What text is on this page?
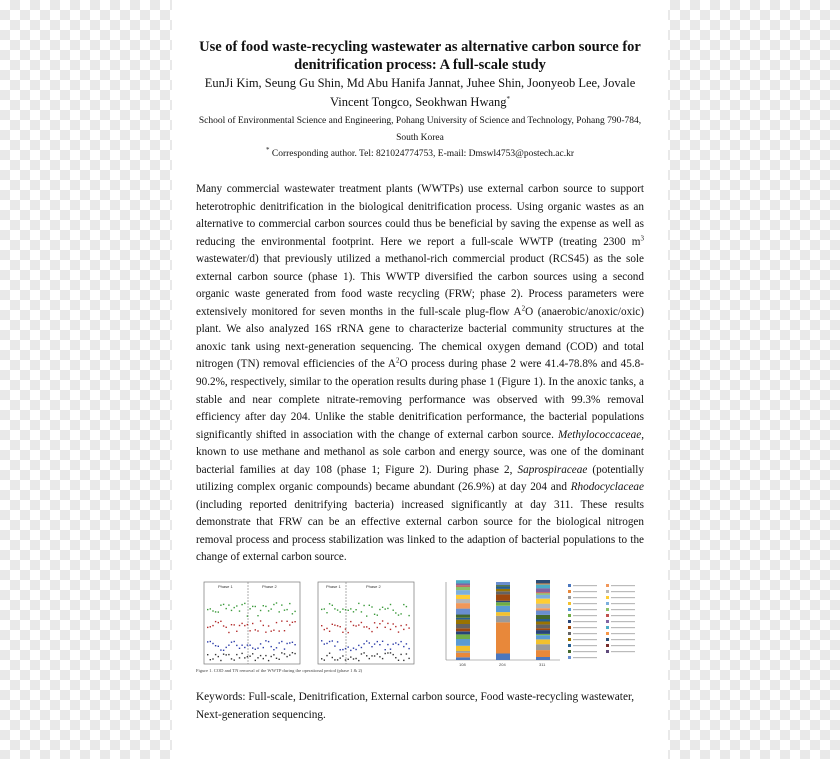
Use of food waste-recycling wastewater as alternative carbon source for
denitrification process: A full-scale study
EunJi Kim, Seung Gu Shin, Md Abu Hanifa Jannat, Juhee Shin, Joonyeob Lee, Jovale
Vincent Tongco, Seokhwan Hwang*
School of Environmental Science and Engineering, Pohang University of Science and Technology, Pohang 790-784, South Korea
* Corresponding author. Tel: 821024774753, E-mail: Dmswl4753@postech.ac.kr
Many commercial wastewater treatment plants (WWTPs) use external carbon source to support heterotrophic denitrification in the biological denitrification process. Using organic wastes as an alternative to commercial carbon sources could thus be beneficial by saving the expense as well as reducing the environmental footprint. Here we report a full-scale WWTP (treating 2300 $m^3$ wastewater/d) that previously utilized a methanol-rich commercial product (RCS45) as the sole external carbon source (phase 1). This WWTP diversified the carbon sources using a second organic waste generated from food waste recycling (FRW; phase 2). Process parameters were extensively monitored for seven months in the full-scale plug-flow $A^2O$ (anaerobic/anoxic/oxic) plant. We also analyzed 16S rRNA gene to characterize bacterial community structures at the anoxic tank using next-generation sequencing. The chemical oxygen demand (COD) and total nitrogen (TN) removal efficiencies of the $A^2O$ process during phase 2 were 41.4-78.8% and 45.8-90.2%, respectively, similar to the operation results during phase 1 (Figure 1). In the anoxic tanks, a stable and near complete nitrate-removing performance was observed with 99.3% removal efficiency after day 204. Unlike the stable denitrification performance, the bacterial populations significantly shifted in association with the change of external carbon source. Methylococcaceae, known to use methane and methanol as sole carbon and energy source, was one of the dominant bacterial families at day 108 (phase 1; Figure 2). During phase 2, Saprospiraceae (potentially utilizing complex organic compounds) became abundant (26.9%) at day 204 and Rhodocyclaceae (including reported denitrifying bacteria) increased significantly at day 311. These results demonstrate that FRW can be an effective external carbon source for the biological nitrogen removal process and process stabilization was linked to the adaption of bacterial populations to the change of external carbon source.
Phase 1	Phase 2	Phase 1	Phase 2
Figure 1. COD and TN removal of the WWTP during the operational period (phase 1 & 2)
108	204	311
Keywords: Full-scale, Denitrification, External carbon source, Food waste-recycling wastewater, Next-generation sequencing.
